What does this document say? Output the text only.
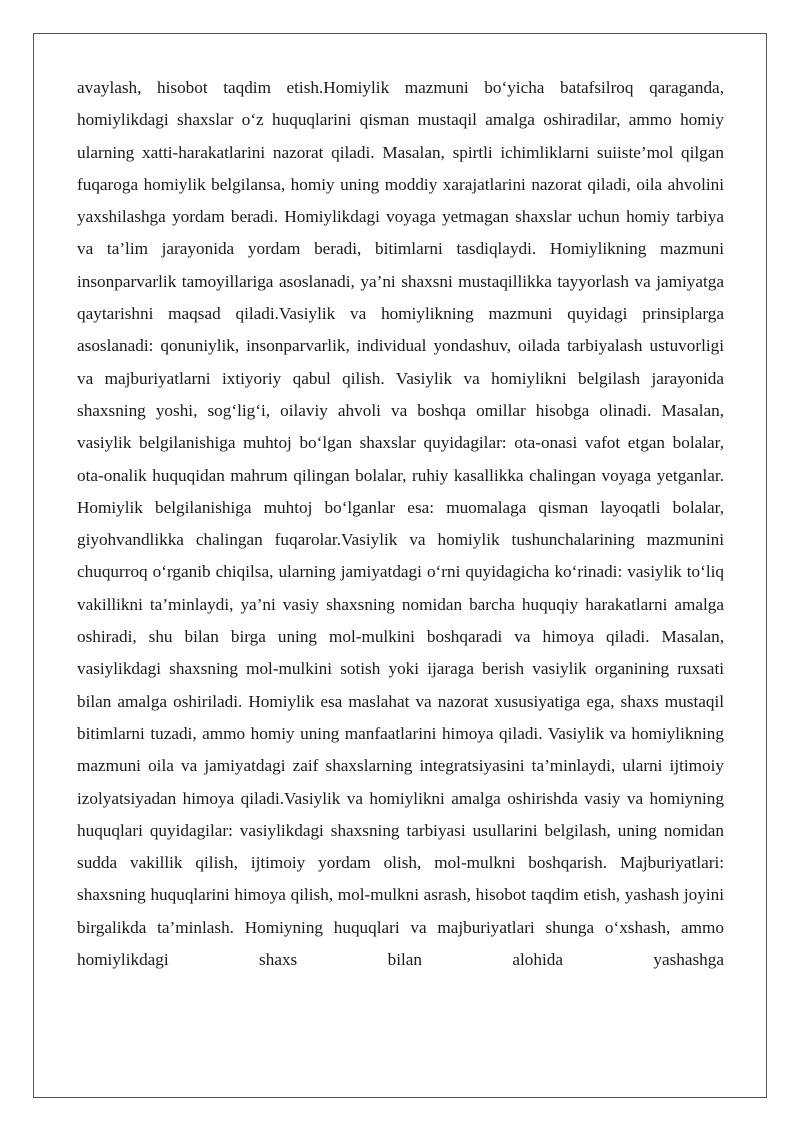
avaylash, hisobot taqdim etish.Homiylik mazmuni bo‘yicha batafsilroq qaraganda, homiylikdagi shaxslar o‘z huquqlarini qisman mustaqil amalga oshiradilar, ammo homiy ularning xatti-harakatlarini nazorat qiladi. Masalan, spirtli ichimliklarni suiiste’mol qilgan fuqaroga homiylik belgilansa, homiy uning moddiy xarajatlarini nazorat qiladi, oila ahvolini yaxshilashga yordam beradi. Homiylikdagi voyaga yetmagan shaxslar uchun homiy tarbiya va ta’lim jarayonida yordam beradi, bitimlarni tasdiqlaydi. Homiylikning mazmuni insonparvarlik tamoyillariga asoslanadi, ya’ni shaxsni mustaqillikka tayyorlash va jamiyatga qaytarishni maqsad qiladi.Vasiylik va homiylikning mazmuni quyidagi prinsiplarga asoslanadi: qonuniylik, insonparvarlik, individual yondashuv, oilada tarbiyalash ustuvorligi va majburiyatlarni ixtiyoriy qabul qilish. Vasiylik va homiylikni belgilash jarayonida shaxsning yoshi, sog‘lig‘i, oilaviy ahvoli va boshqa omillar hisobga olinadi. Masalan, vasiylik belgilanishiga muhtoj bo‘lgan shaxslar quyidagilar: ota-onasi vafot etgan bolalar, ota-onalik huquqidan mahrum qilingan bolalar, ruhiy kasallikka chalingan voyaga yetganlar. Homiylik belgilanishiga muhtoj bo‘lganlar esa: muomalaga qisman layoqatli bolalar, giyohvandlikka chalingan fuqarolar.Vasiylik va homiylik tushunchalarining mazmunini chuqurroq o‘rganib chiqilsa, ularning jamiyatdagi o‘rni quyidagicha ko‘rinadi: vasiylik to‘liq vakillikni ta’minlaydi, ya’ni vasiy shaxsning nomidan barcha huquqiy harakatlarni amalga oshiradi, shu bilan birga uning mol-mulkini boshqaradi va himoya qiladi. Masalan, vasiylikdagi shaxsning mol-mulkini sotish yoki ijaraga berish vasiylik organining ruxsati bilan amalga oshiriladi. Homiylik esa maslahat va nazorat xususiyatiga ega, shaxs mustaqil bitimlarni tuzadi, ammo homiy uning manfaatlarini himoya qiladi. Vasiylik va homiylikning mazmuni oila va jamiyatdagi zaif shaxslarning integratsiyasini ta’minlaydi, ularni ijtimoiy izolyatsiyadan himoya qiladi.Vasiylik va homiylikni amalga oshirishda vasiy va homiyning huquqlari quyidagilar: vasiylikdagi shaxsning tarbiyasi usullarini belgilash, uning nomidan sudda vakillik qilish, ijtimoiy yordam olish, mol-mulkni boshqarish. Majburiyatlari: shaxsning huquqlarini himoya qilish, mol-mulkni asrash, hisobot taqdim etish, yashash joyini birgalikda ta’minlash. Homiyning huquqlari va majburiyatlari shunga o‘xshash, ammo homiylikdagi shaxs bilan alohida yashashga
